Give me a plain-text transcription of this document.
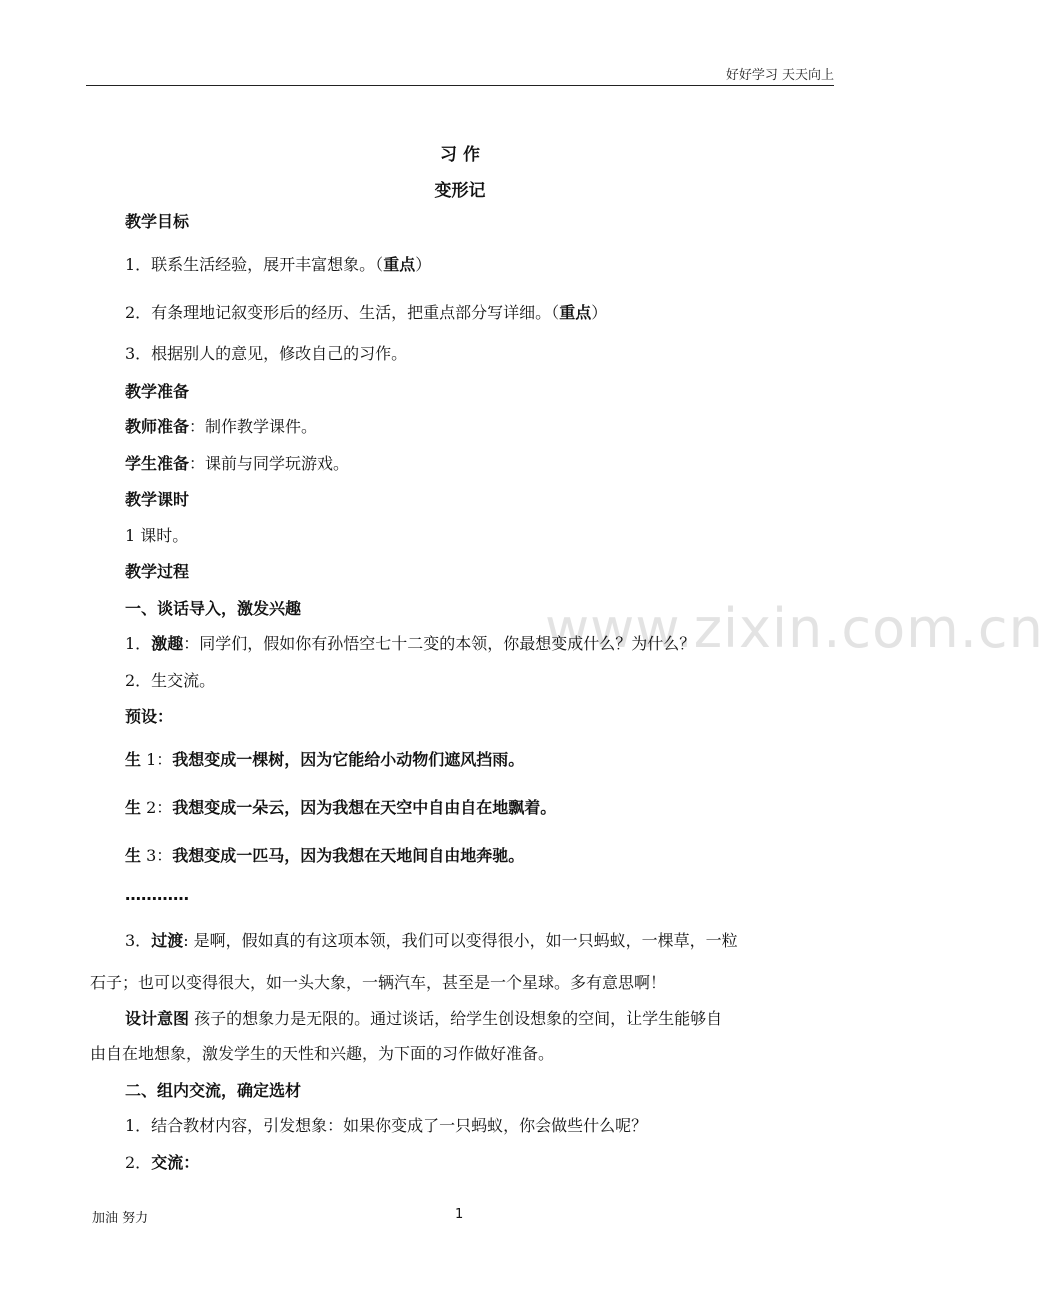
好好学习 天天向上
www.zixin.com.cn
习 作
变形记
教学目标
1．联系生活经验，展开丰富想象。（重点）
2．有条理地记叙变形后的经历、生活，把重点部分写详细。（重点）
3．根据别人的意见，修改自己的习作。
教学准备
教师准备：制作教学课件。
学生准备：课前与同学玩游戏。
教学课时
1 课时。
教学过程
一、谈话导入，激发兴趣
1．激趣：同学们，假如你有孙悟空七十二变的本领，你最想变成什么？为什么？
2．生交流。
预设：
生 1：我想变成一棵树，因为它能给小动物们遮风挡雨。
生 2：我想变成一朵云，因为我想在天空中自由自在地飘着。
生 3：我想变成一匹马，因为我想在天地间自由地奔驰。
…………
3．过渡: 是啊，假如真的有这项本领，我们可以变得很小，如一只蚂蚁，一棵草，一粒
石子；也可以变得很大，如一头大象，一辆汽车，甚至是一个星球。多有意思啊！
设计意图 孩子的想象力是无限的。通过谈话，给学生创设想象的空间，让学生能够自
由自在地想象，激发学生的天性和兴趣，为下面的习作做好准备。
二、组内交流，确定选材
1．结合教材内容，引发想象：如果你变成了一只蚂蚁，你会做些什么呢？
2．交流：
加油 努力	1
